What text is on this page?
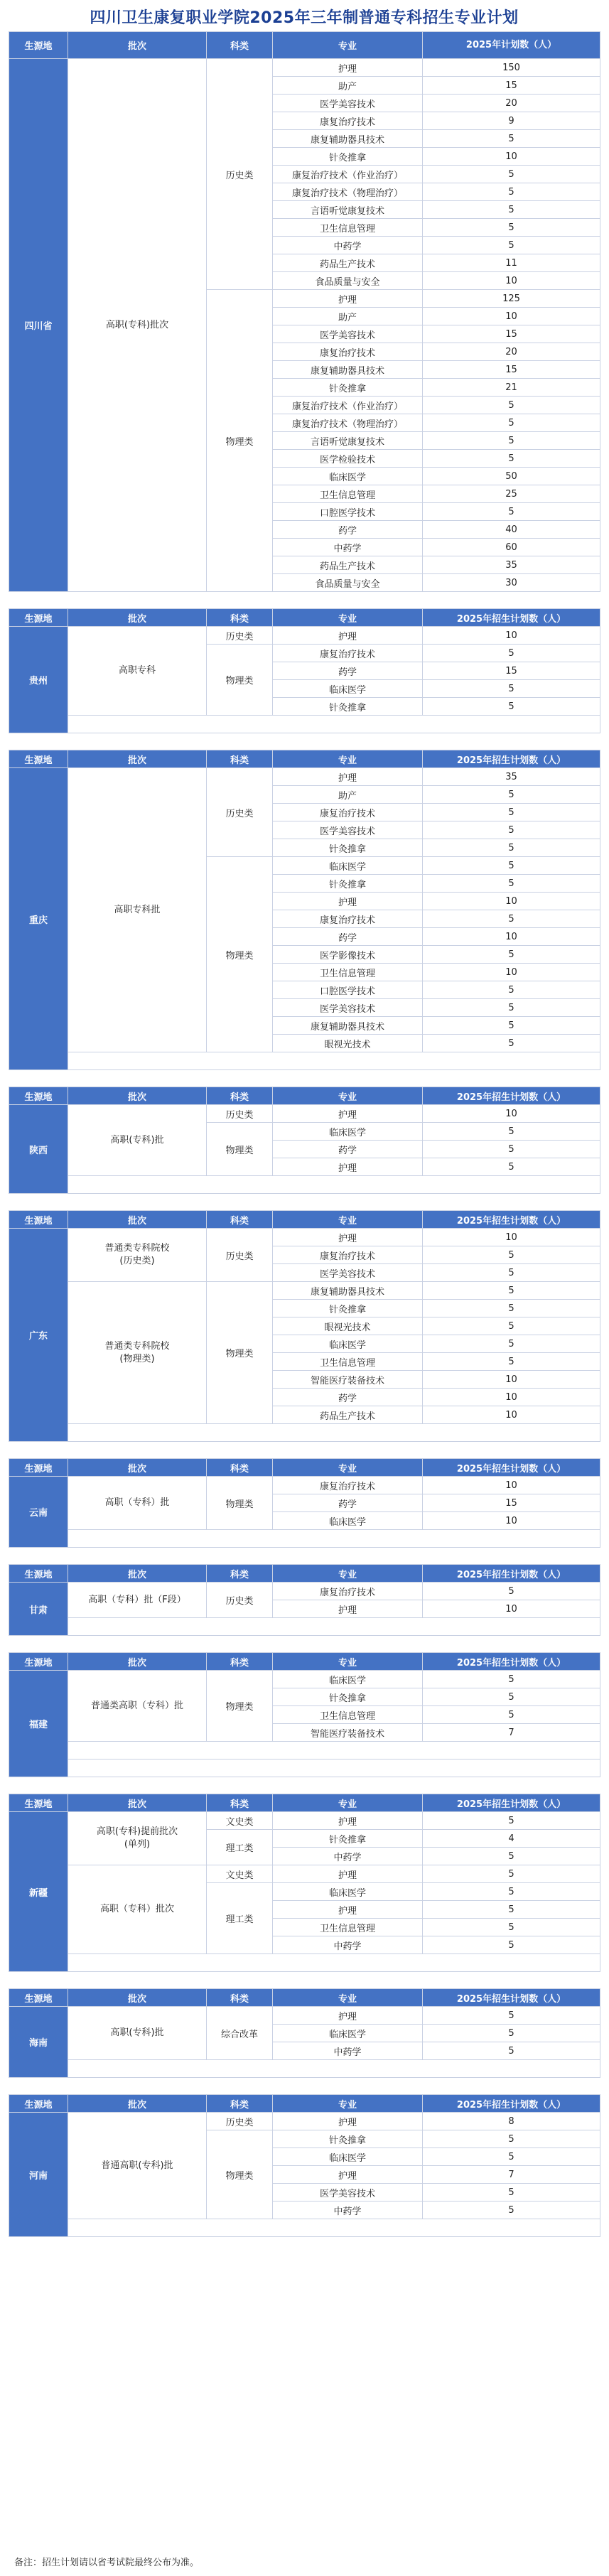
四川卫生康复职业学院2025年三年制普通专科招生专业计划
生源地	批次	科类	专业	2025年计划数（人）
四川省	高职(专科)批次	历史类	护理	150
			助产	15
			医学美容技术	20
			康复治疗技术	9
			康复辅助器具技术	5
			针灸推拿	10
			康复治疗技术（作业治疗）	5
			康复治疗技术（物理治疗）	5
			言语听觉康复技术	5
			卫生信息管理	5
			中药学	5
			药品生产技术	11
			食品质量与安全	10
		物理类	护理	125
			助产	10
			医学美容技术	15
			康复治疗技术	20
			康复辅助器具技术	15
			针灸推拿	21
			康复治疗技术（作业治疗）	5
			康复治疗技术（物理治疗）	5
			言语听觉康复技术	5
			医学检验技术	5
			临床医学	50
			卫生信息管理	25
			口腔医学技术	5
			药学	40
			中药学	60
			药品生产技术	35
			食品质量与安全	30

生源地	批次	科类	专业	2025年招生计划数（人）
贵州	高职专科	历史类	护理	10
		物理类	康复治疗技术	5
			药学	15
			临床医学	5
			针灸推拿	5

生源地	批次	科类	专业	2025年招生计划数（人）
重庆	高职专科批	历史类	护理	35
			助产	5
			康复治疗技术	5
			医学美容技术	5
			针灸推拿	5
		物理类	临床医学	5
			针灸推拿	5
			护理	10
			康复治疗技术	5
			药学	10
			医学影像技术	5
			卫生信息管理	10
			口腔医学技术	5
			医学美容技术	5
			康复辅助器具技术	5
			眼视光技术	5

生源地	批次	科类	专业	2025年招生计划数（人）
陕西	高职(专科)批	历史类	护理	10
		物理类	临床医学	5
			药学	5
			护理	5

生源地	批次	科类	专业	2025年招生计划数（人）
广东	普通类专科院校
(历史类)	历史类	护理	10
			康复治疗技术	5
			医学美容技术	5
	普通类专科院校
(物理类)	物理类	康复辅助器具技术	5
			针灸推拿	5
			眼视光技术	5
			临床医学	5
			卫生信息管理	5
			智能医疗装备技术	10
			药学	10
			药品生产技术	10

生源地	批次	科类	专业	2025年招生计划数（人）
云南	高职（专科）批	物理类	康复治疗技术	10
			药学	15
			临床医学	10

生源地	批次	科类	专业	2025年招生计划数（人）
甘肃	高职（专科）批（F段）	历史类	康复治疗技术	5
			护理	10

生源地	批次	科类	专业	2025年招生计划数（人）
福建	普通类高职（专科）批	物理类	临床医学	5
			针灸推拿	5
			卫生信息管理	5
			智能医疗装备技术	7

生源地	批次	科类	专业	2025年招生计划数（人）
新疆	高职(专科)提前批次
(单列)	文史类	护理	5
		理工类	针灸推拿	4
			中药学	5
	高职（专科）批次	文史类	护理	5
		理工类	临床医学	5
			护理	5
			卫生信息管理	5
			中药学	5

生源地	批次	科类	专业	2025年招生计划数（人）
海南	高职(专科)批	综合改革	护理	5
			临床医学	5
			中药学	5

生源地	批次	科类	专业	2025年招生计划数（人）
河南	普通高职(专科)批	历史类	护理	8
		物理类	针灸推拿	5
			临床医学	5
			护理	7
			医学美容技术	5
			中药学	5

备注：招生计划请以省考试院最终公布为准。
